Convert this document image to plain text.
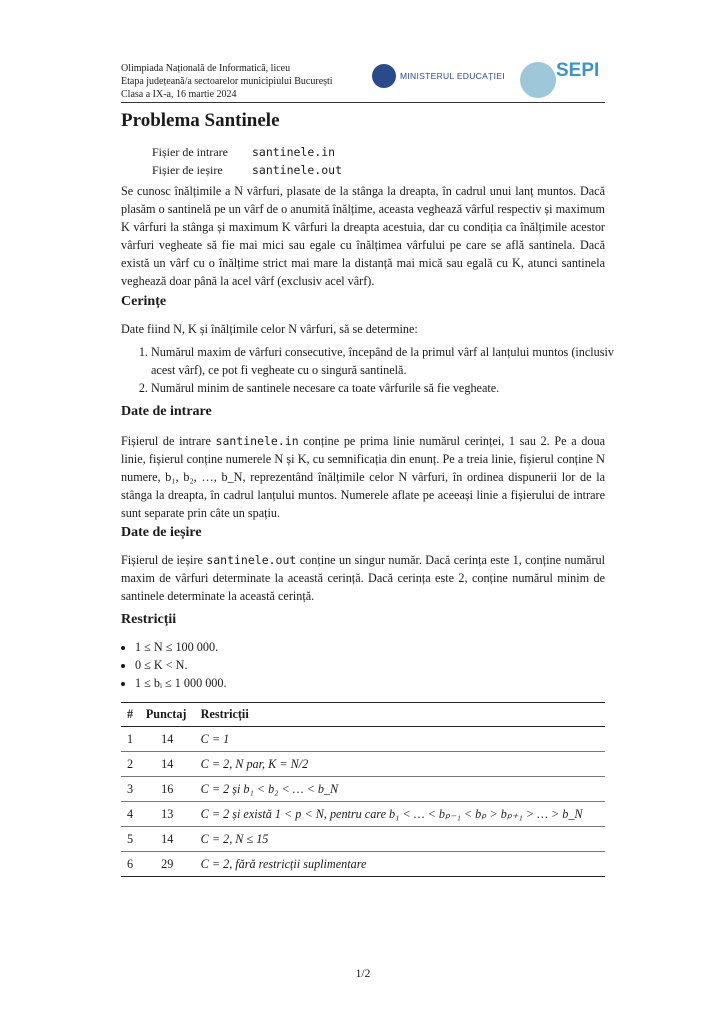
Olimpiada Națională de Informatică, liceu
Etapa județeană/a sectoarelor municipiului București
Clasa a IX-a, 16 martie 2024
MINISTERUL EDUCAȚIEI	SEPI
Problema Santinele
Fișier de intrare	santinele.in
Fișier de ieșire	santinele.out

Se cunosc înălțimile a N vârfuri, plasate de la stânga la dreapta, în cadrul unui lanț muntos. Dacă plasăm o santinelă pe un vârf de o anumită înălțime, aceasta veghează vârful respectiv și maximum K vârfuri la stânga și maximum K vârfuri la dreapta acestuia, dar cu condiția ca înălțimile acestor vârfuri vegheate să fie mai mici sau egale cu înălțimea vârfului pe care se află santinela. Dacă există un vârf cu o înălțime strict mai mare la distanță mai mică sau egală cu K, atunci santinela veghează doar până la acel vârf (exclusiv acel vârf).

Cerințe

Date fiind N, K și înălțimile celor N vârfuri, să se determine:

1. Numărul maxim de vârfuri consecutive, începând de la primul vârf al lanțului muntos (inclusiv acest vârf), ce pot fi vegheate cu o singură santinelă.
2. Numărul minim de santinele necesare ca toate vârfurile să fie vegheate.
Date de intrare

Fișierul de intrare santinele.in conține pe prima linie numărul cerinței, 1 sau 2. Pe a doua linie, fișierul conține numerele N și K, cu semnificația din enunț. Pe a treia linie, fișierul conține N numere, b₁, b₂, …, b_N, reprezentând înălțimile celor N vârfuri, în ordinea dispunerii lor de la stânga la dreapta, în cadrul lanțului muntos. Numerele aflate pe aceeași linie a fișierului de intrare sunt separate prin câte un spațiu.

Date de ieșire

Fișierul de ieșire santinele.out conține un singur număr. Dacă cerința este 1, conține numărul maxim de vârfuri determinate la această cerință. Dacă cerința este 2, conține numărul minim de santinele determinate la această cerință.

Restricții
• 1 ≤ N ≤ 100 000.
• 0 ≤ K < N.
• 1 ≤ bᵢ ≤ 1 000 000.
#	Punctaj	Restricții
1	14	C = 1
2	14	C = 2, N par, K = N/2
3	16	C = 2 și b₁ < b₂ < … < b_N
4	13	C = 2 și există 1 < p < N, pentru care b₁ < … < bₚ₋₁ < bₚ > bₚ₊₁ > … > b_N
5	14	C = 2, N ≤ 15
6	29	C = 2, fără restricții suplimentare
1/2
